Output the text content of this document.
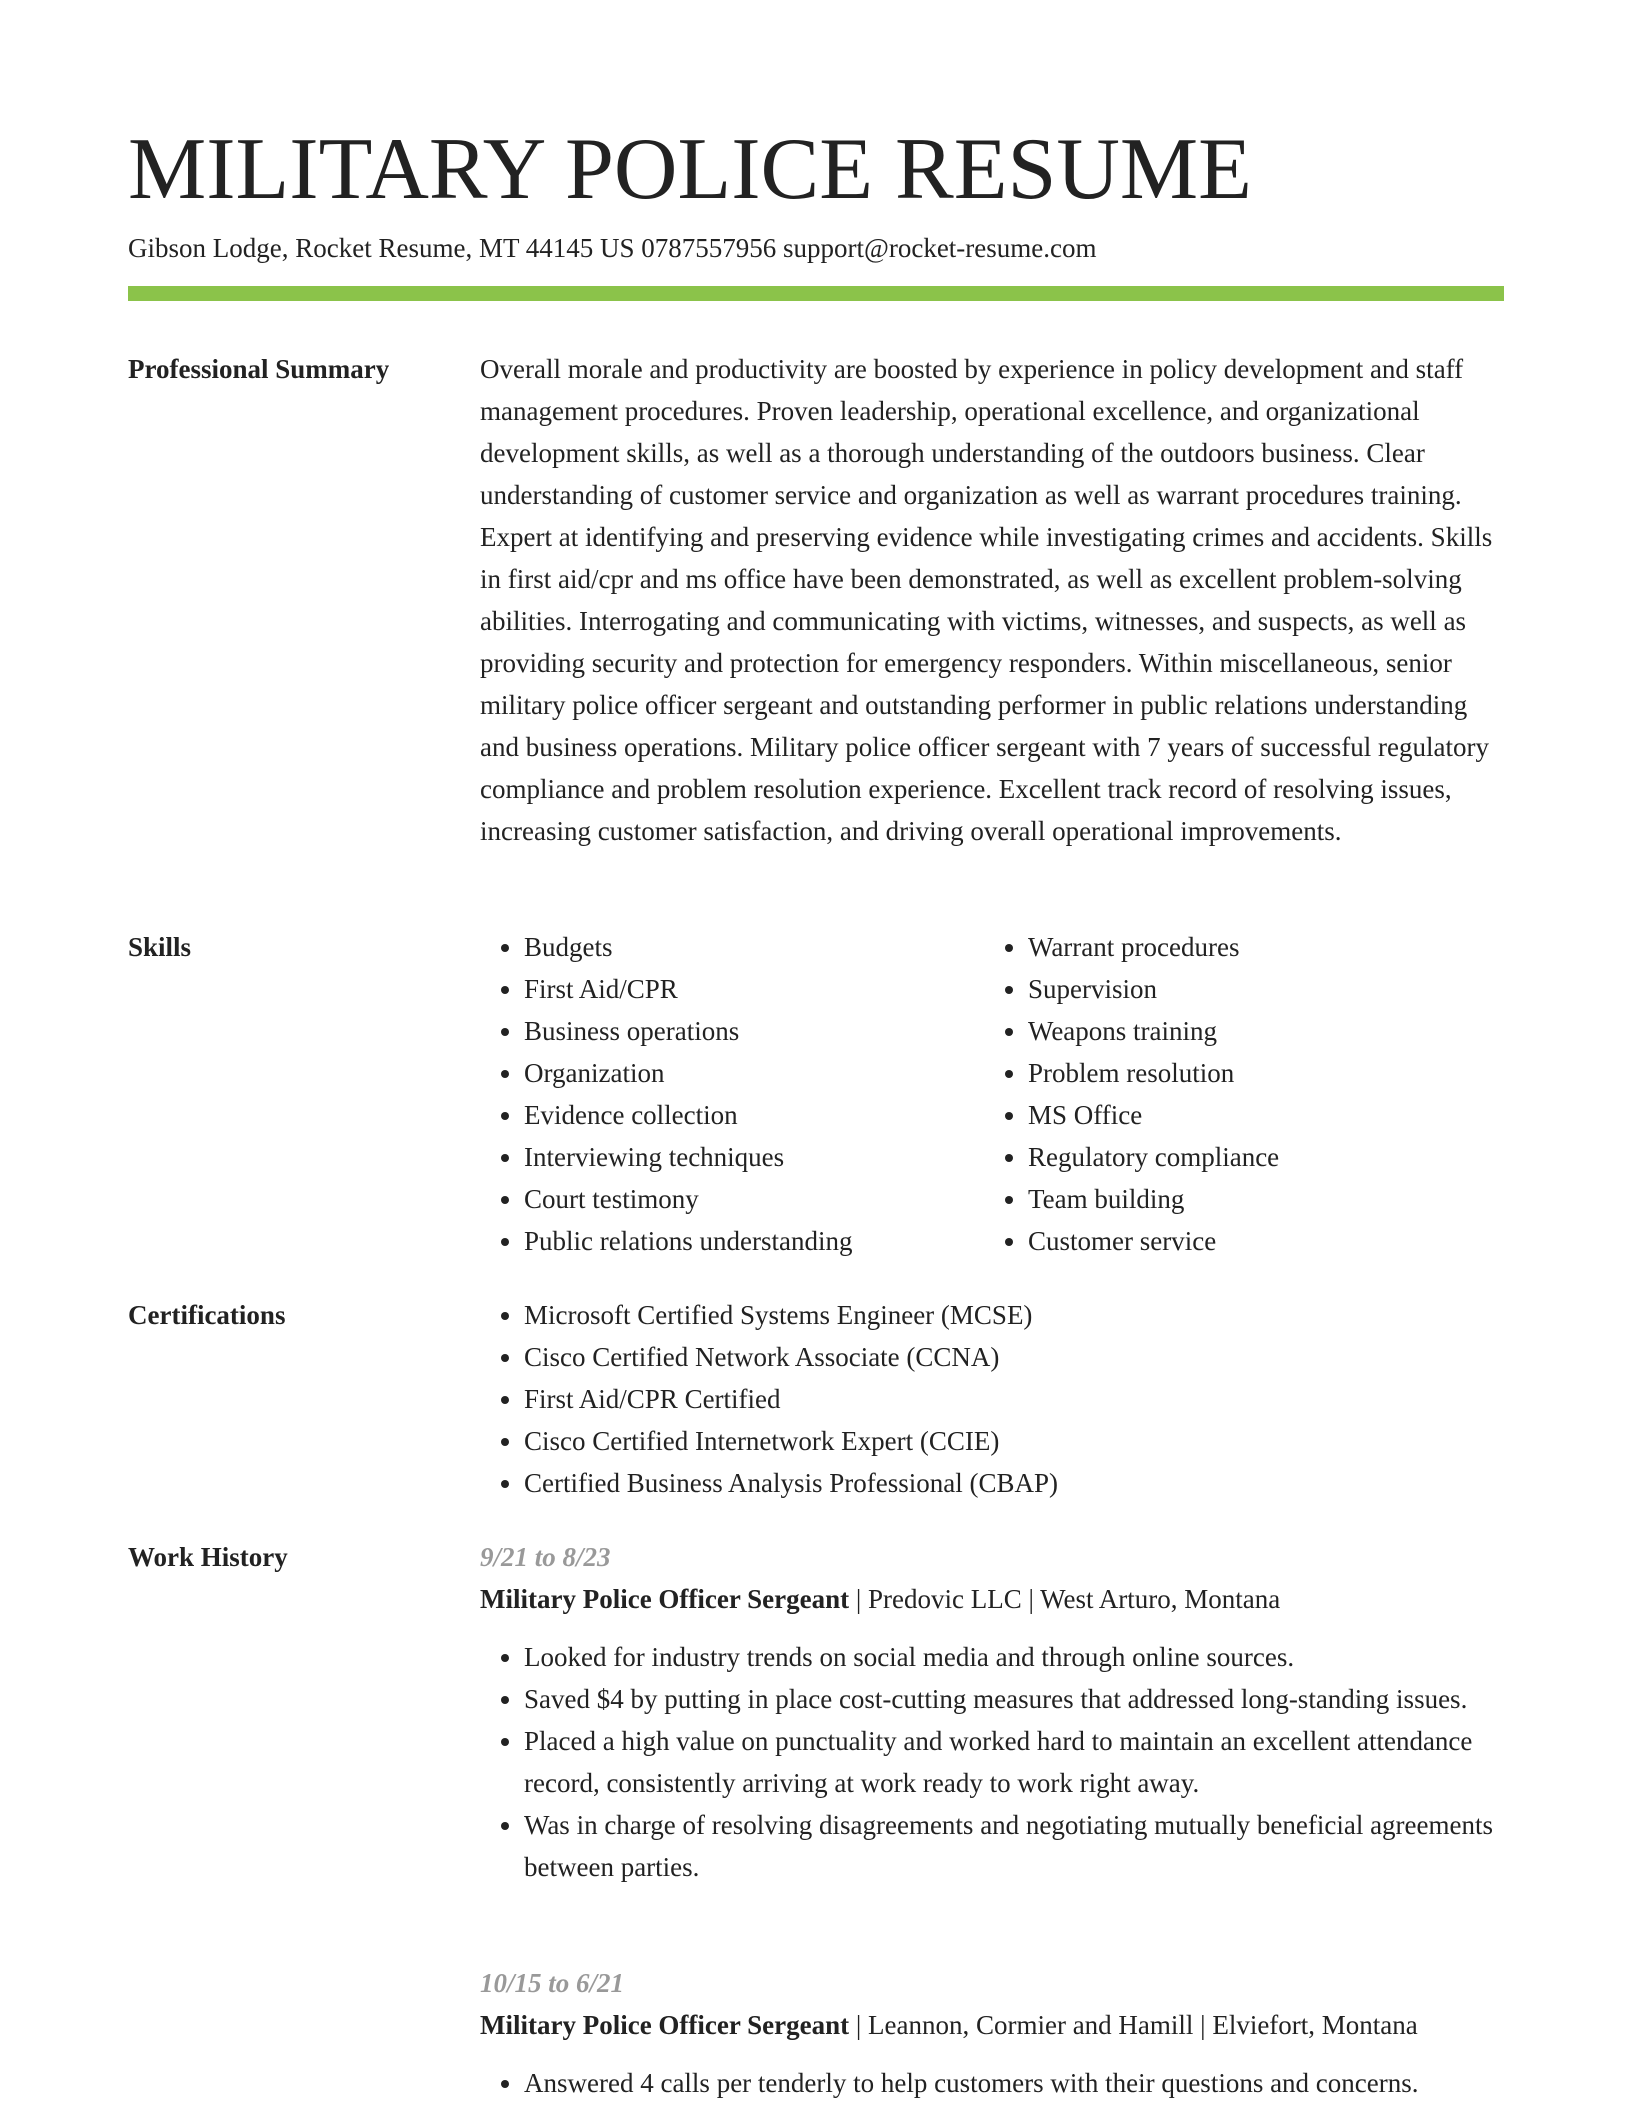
MILITARY POLICE RESUME
Gibson Lodge, Rocket Resume, MT 44145 US 0787557956 support@rocket-resume.com
Professional Summary	Overall morale and productivity are boosted by experience in policy development and staff management procedures. Proven leadership, operational excellence, and organizational development skills, as well as a thorough understanding of the outdoors business. Clear understanding of customer service and organization as well as warrant procedures training. Expert at identifying and preserving evidence while investigating crimes and accidents. Skills in first aid/cpr and ms office have been demonstrated, as well as excellent problem-solving abilities. Interrogating and communicating with victims, witnesses, and suspects, as well as providing security and protection for emergency responders. Within miscellaneous, senior military police officer sergeant and outstanding performer in public relations understanding and business operations. Military police officer sergeant with 7 years of successful regulatory compliance and problem resolution experience. Excellent track record of resolving issues, increasing customer satisfaction, and driving overall operational improvements.
Skills	• Budgets
• First Aid/CPR
• Business operations
• Organization
• Evidence collection
• Interviewing techniques
• Court testimony
• Public relations understanding
• Warrant procedures
• Supervision
• Weapons training
• Problem resolution
• MS Office
• Regulatory compliance
• Team building
• Customer service
Certifications	• Microsoft Certified Systems Engineer (MCSE)
• Cisco Certified Network Associate (CCNA)
• First Aid/CPR Certified
• Cisco Certified Internetwork Expert (CCIE)
• Certified Business Analysis Professional (CBAP)
Work History	9/21 to 8/23
Military Police Officer Sergeant | Predovic LLC | West Arturo, Montana
• Looked for industry trends on social media and through online sources.
• Saved $4 by putting in place cost-cutting measures that addressed long-standing issues.
• Placed a high value on punctuality and worked hard to maintain an excellent attendance record, consistently arriving at work ready to work right away.
• Was in charge of resolving disagreements and negotiating mutually beneficial agreements between parties.
10/15 to 6/21
Military Police Officer Sergeant | Leannon, Cormier and Hamill | Elviefort, Montana
• Answered 4 calls per tenderly to help customers with their questions and concerns.
